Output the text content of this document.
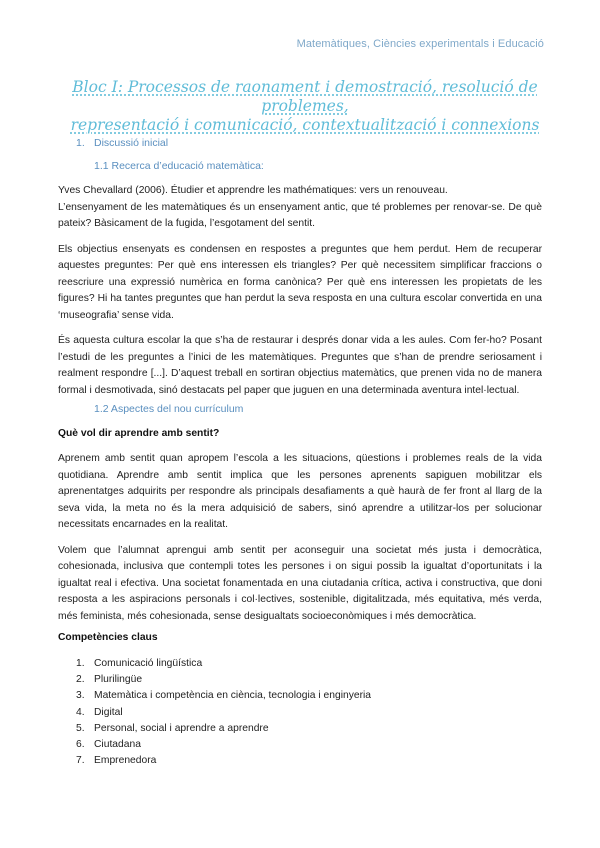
Matemàtiques, Ciències experimentals i Educació
Bloc I: Processos de raonament i demostració, resolució de problemes,
representació i comunicació, contextualització i connexions
1. Discussió inicial
1.1 Recerca d’educació matemàtica:

Yves Chevallard (2006). Étudier et apprendre les mathématiques: vers un renouveau.

L’ensenyament de les matemàtiques és un ensenyament antic, que té problemes per renovar-se. De què pateix? Bàsicament de la fugida, l’esgotament del sentit.

Els objectius ensenyats es condensen en respostes a preguntes que hem perdut. Hem de recuperar aquestes preguntes: Per què ens interessen els triangles? Per què necessitem simplificar fraccions o reescriure una expressió numèrica en forma canònica? Per què ens interessen les propietats de les figures? Hi ha tantes preguntes que han perdut la seva resposta en una cultura escolar convertida en una ‘museografia’ sense vida.

És aquesta cultura escolar la que s’ha de restaurar i després donar vida a les aules. Com fer-ho? Posant l’estudi de les preguntes a l’inici de les matemàtiques. Preguntes que s’han de prendre seriosament i realment respondre [...]. D’aquest treball en sortiran objectius matemàtics, que prenen vida no de manera formal i desmotivada, sinó destacats pel paper que juguen en una determinada aventura intel·lectual.

1.2 Aspectes del nou currículum
Què vol dir aprendre amb sentit?

Aprenem amb sentit quan apropem l’escola a les situacions, qüestions i problemes reals de la vida quotidiana. Aprendre amb sentit implica que les persones aprenents sapiguen mobilitzar els aprenentatges adquirits per respondre als principals desafiaments a què haurà de fer front al llarg de la seva vida, la meta no és la mera adquisició de sabers, sinó aprendre a utilitzar-los per solucionar necessitats encarnades en la realitat.

Volem que l’alumnat aprengui amb sentit per aconseguir una societat més justa i democràtica, cohesionada, inclusiva que contempli totes les persones i on sigui possib la igualtat d’oportunitats i la igualtat real i efectiva. Una societat fonamentada en una ciutadania crítica, activa i constructiva, que doni resposta a les aspiracions personals i col·lectives, sostenible, digitalitzada, més equitativa, més verda, més feminista, més cohesionada, sense desigualtats socioeconòmiques i més democràtica.

Competències claus
1. Comunicació lingüística
2. Plurilingüe
3. Matemàtica i competència en ciència, tecnologia i enginyeria
4. Digital
5. Personal, social i aprendre a aprendre
6. Ciutadana
7. Emprenedora
